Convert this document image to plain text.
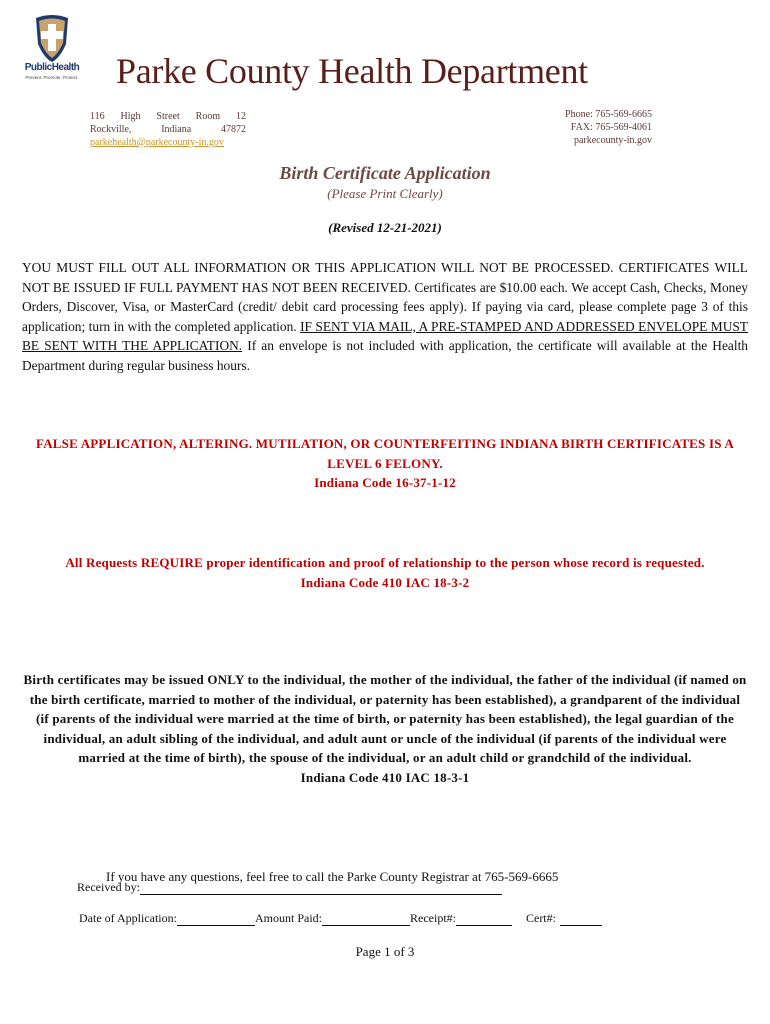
PublicHealth
Prevent. Promote. Protect.	Parke County Health Department
116 High Street Room 12
Rockville, Indiana 47872
parkehealth@parkecounty-in.gov
Phone: 765-569-6665
FAX: 765-569-4061
parkecounty-in.gov
Birth Certificate Application
(Please Print Clearly)
(Revised 12-21-2021)
YOU MUST FILL OUT ALL INFORMATION OR THIS APPLICATION WILL NOT BE PROCESSED. CERTIFICATES WILL NOT BE ISSUED IF FULL PAYMENT HAS NOT BEEN RECEIVED. Certificates are $10.00 each. We accept Cash, Checks, Money Orders, Discover, Visa, or MasterCard (credit/ debit card processing fees apply). If paying via card, please complete page 3 of this application; turn in with the completed application. IF SENT VIA MAIL, A PRE-STAMPED AND ADDRESSED ENVELOPE MUST BE SENT WITH THE APPLICATION. If an envelope is not included with application, the certificate will available at the Health Department during regular business hours.
FALSE APPLICATION, ALTERING. MUTILATION, OR COUNTERFEITING INDIANA BIRTH CERTIFICATES IS A LEVEL 6 FELONY.
Indiana Code 16-37-1-12
All Requests REQUIRE proper identification and proof of relationship to the person whose record is requested.
Indiana Code 410 IAC 18-3-2
Birth certificates may be issued ONLY to the individual, the mother of the individual, the father of the individual (if named on the birth certificate, married to mother of the individual, or paternity has been established), a grandparent of the individual (if parents of the individual were married at the time of birth, or paternity has been established), the legal guardian of the individual, an adult sibling of the individual, and adult aunt or uncle of the individual (if parents of the individual were married at the time of birth), the spouse of the individual, or an adult child or grandchild of the individual.
Indiana Code 410 IAC 18-3-1
If you have any questions, feel free to call the Parke County Registrar at 765-569-6665
Received by:
Date of Application:	Amount Paid:	Receipt#:	Cert#:
Page 1 of 3
